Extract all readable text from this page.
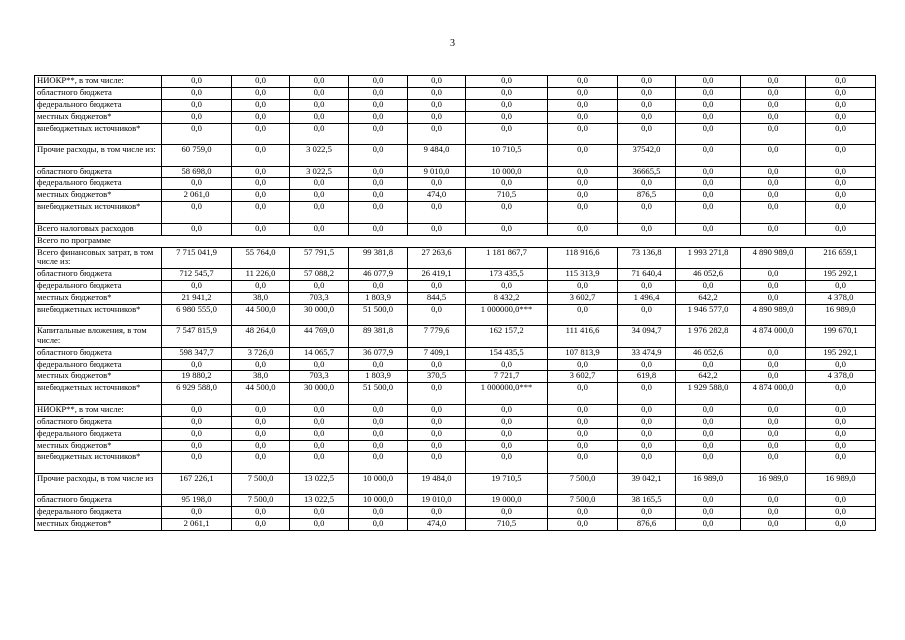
3
НИОКР**, в том числе:	0,0	0,0	0,0	0,0	0,0	0,0	0,0	0,0	0,0	0,0	0,0
областного бюджета	0,0	0,0	0,0	0,0	0,0	0,0	0,0	0,0	0,0	0,0	0,0
федерального бюджета	0,0	0,0	0,0	0,0	0,0	0,0	0,0	0,0	0,0	0,0	0,0
местных бюджетов*	0,0	0,0	0,0	0,0	0,0	0,0	0,0	0,0	0,0	0,0	0,0
внебюджетных источников*	0,0	0,0	0,0	0,0	0,0	0,0	0,0	0,0	0,0	0,0	0,0
Прочие расходы, в том числе из:	60 759,0	0,0	3 022,5	0,0	9 484,0	10 710,5	0,0	37542,0	0,0	0,0	0,0
областного бюджета	58 698,0	0,0	3 022,5	0,0	9 010,0	10 000,0	0,0	36665,5	0,0	0,0	0,0
федерального бюджета	0,0	0,0	0,0	0,0	0,0	0,0	0,0	0,0	0,0	0,0	0,0
местных бюджетов*	2 061,0	0,0	0,0	0,0	474,0	710,5	0,0	876,5	0,0	0,0	0,0
внебюджетных источников*	0,0	0,0	0,0	0,0	0,0	0,0	0,0	0,0	0,0	0,0	0,0
Всего налоговых расходов	0,0	0,0	0,0	0,0	0,0	0,0	0,0	0,0	0,0	0,0	0,0
Всего по программе											
Всего финансовых затрат, в том числе из:	7 715 041,9	55 764,0	57 791,5	99 381,8	27 263,6	1 181 867,7	118 916,6	73 136,8	1 993 271,8	4 890 989,0	216 659,1
областного бюджета	712 545,7	11 226,0	57 088,2	46 077,9	26 419,1	173 435,5	115 313,9	71 640,4	46 052,6	0,0	195 292,1
федерального бюджета	0,0	0,0	0,0	0,0	0,0	0,0	0,0	0,0	0,0	0,0	0,0
местных бюджетов*	21 941,2	38,0	703,3	1 803,9	844,5	8 432,2	3 602,7	1 496,4	642,2	0,0	4 378,0
внебюджетных источников*	6 980 555,0	44 500,0	30 000,0	51 500,0	0,0	1 000000,0***	0,0	0,0	1 946 577,0	4 890 989,0	16 989,0
Капитальные вложения, в том числе:	7 547 815,9	48 264,0	44 769,0	89 381,8	7 779,6	162 157,2	111 416,6	34 094,7	1 976 282,8	4 874 000,0	199 670,1
областного бюджета	598 347,7	3 726,0	14 065,7	36 077,9	7 409,1	154 435,5	107 813,9	33 474,9	46 052,6	0,0	195 292,1
федерального бюджета	0,0	0,0	0,0	0,0	0,0	0,0	0,0	0,0	0,0	0,0	0,0
местных бюджетов*	19 880,2	38,0	703,3	1 803,9	370,5	7 721,7	3 602,7	619,8	642,2	0,0	4 378,0
внебюджетных источников*	6 929 588,0	44 500,0	30 000,0	51 500,0	0,0	1 000000,0***	0,0	0,0	1 929 588,0	4 874 000,0	0,0
НИОКР**, в том числе:	0,0	0,0	0,0	0,0	0,0	0,0	0,0	0,0	0,0	0,0	0,0
областного бюджета	0,0	0,0	0,0	0,0	0,0	0,0	0,0	0,0	0,0	0,0	0,0
федерального бюджета	0,0	0,0	0,0	0,0	0,0	0,0	0,0	0,0	0,0	0,0	0,0
местных бюджетов*	0,0	0,0	0,0	0,0	0,0	0,0	0,0	0,0	0,0	0,0	0,0
внебюджетных источников*	0,0	0,0	0,0	0,0	0,0	0,0	0,0	0,0	0,0	0,0	0,0
Прочие расходы, в том числе из	167 226,1	7 500,0	13 022,5	10 000,0	19 484,0	19 710,5	7 500,0	39 042,1	16 989,0	16 989,0	16 989,0
областного бюджета	95 198,0	7 500,0	13 022,5	10 000,0	19 010,0	19 000,0	7 500,0	38 165,5	0,0	0,0	0,0
федерального бюджета	0,0	0,0	0,0	0,0	0,0	0,0	0,0	0,0	0,0	0,0	0,0
местных бюджетов*	2 061,1	0,0	0,0	0,0	474,0	710,5	0,0	876,6	0,0	0,0	0,0
